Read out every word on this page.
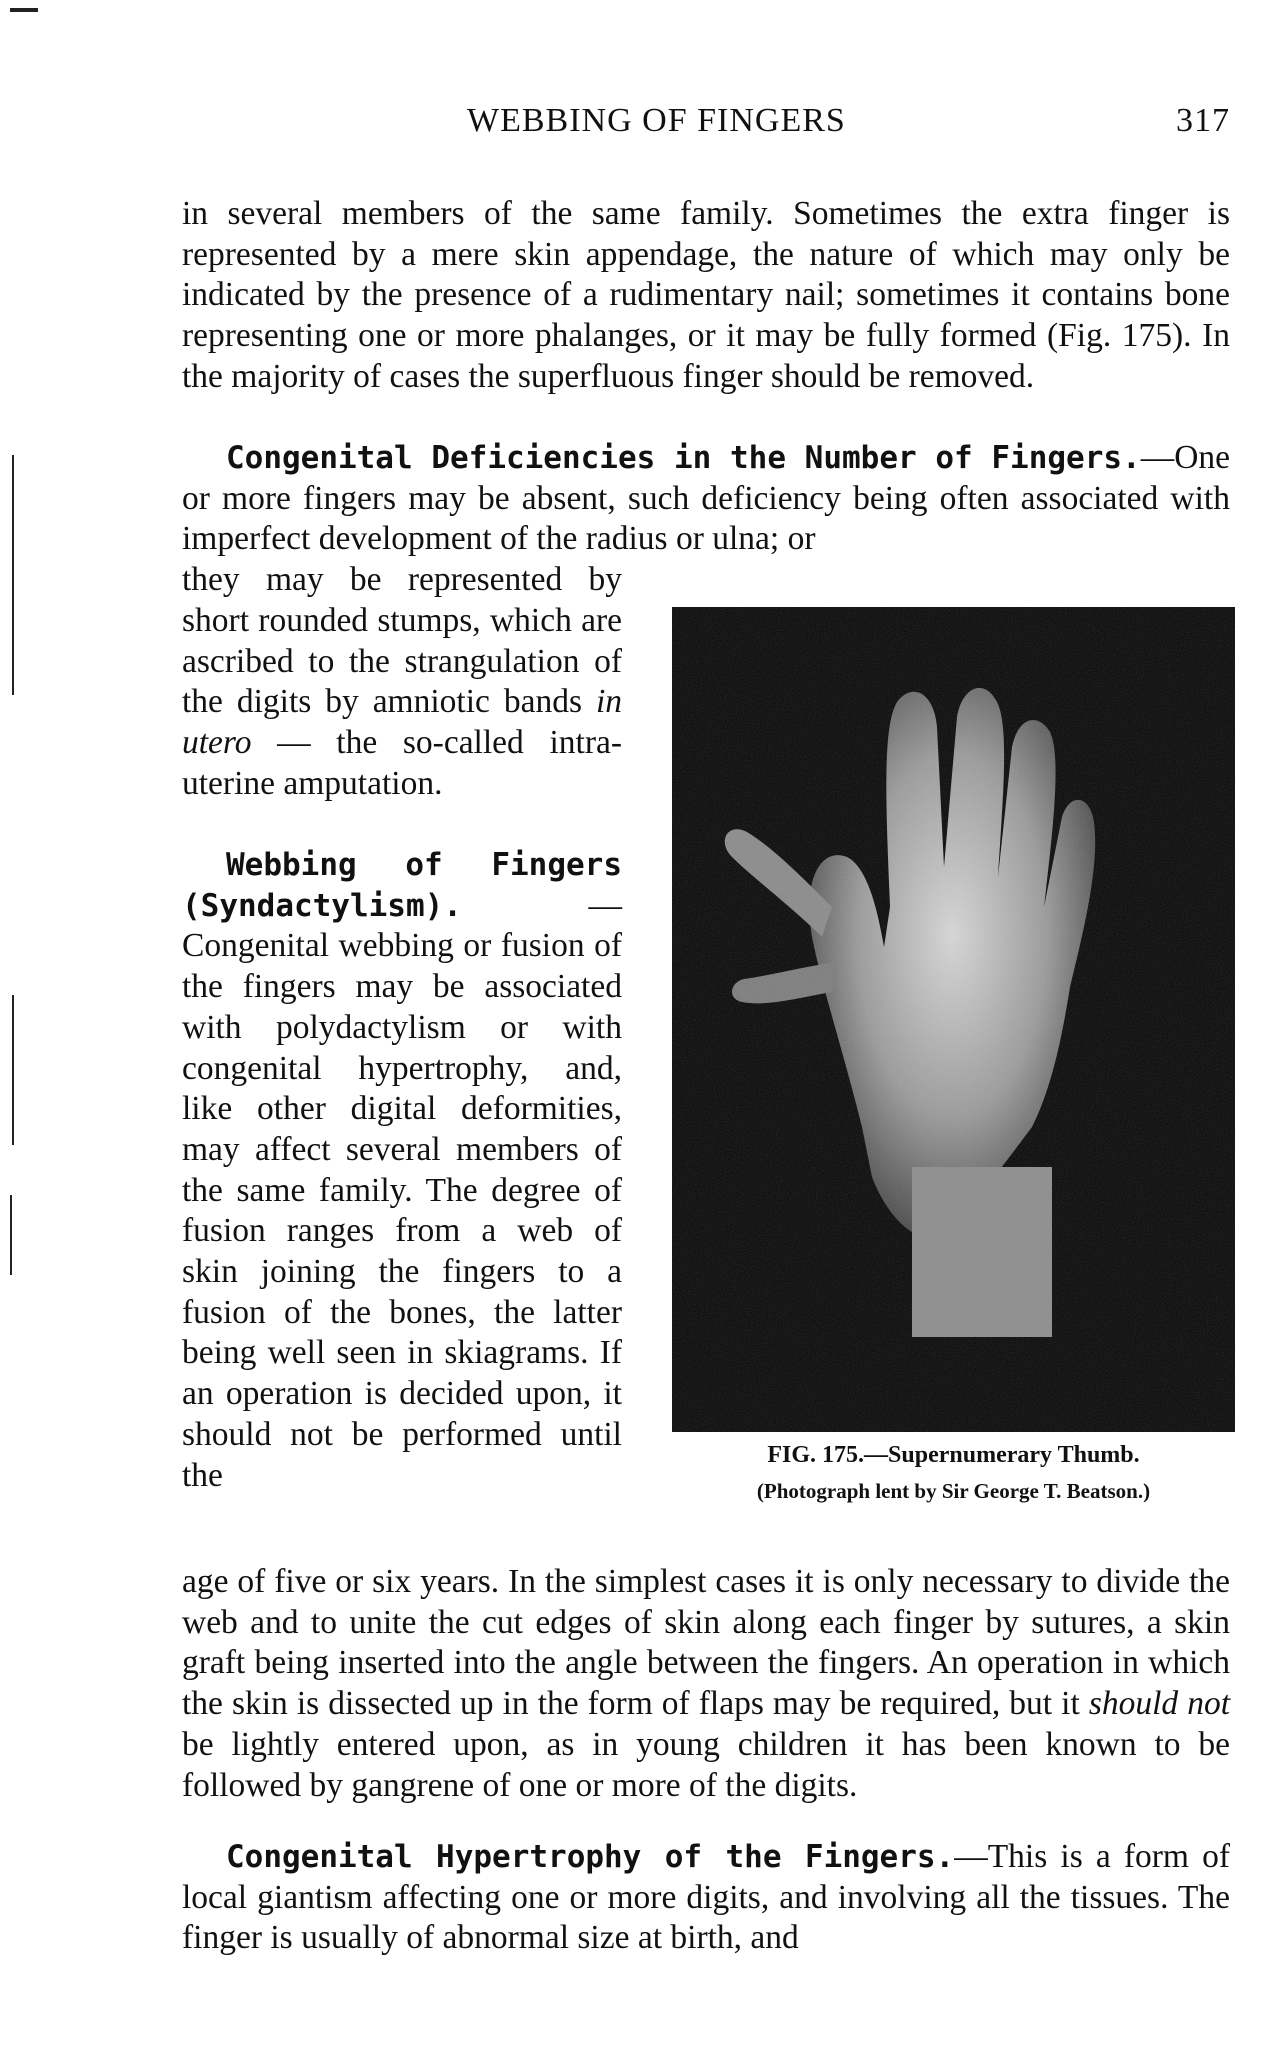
WEBBING OF FINGERS	317
in several members of the same family. Sometimes the extra finger is represented by a mere skin appendage, the nature of which may only be indicated by the presence of a rudimentary nail; sometimes it contains bone representing one or more phalanges, or it may be fully formed (Fig. 175). In the majority of cases the superfluous finger should be removed.
Congenital Deficiencies in the Number of Fingers.—One or more fingers may be absent, such deficiency being often associated with imperfect development of the radius or ulna; or
they may be represented by short rounded stumps, which are ascribed to the strangulation of the digits by amniotic bands in utero — the so-called intra-uterine amputation.
Webbing of Fingers (Syndactylism).	— Congenital webbing or fusion of the fingers may be associated with polydactylism or with congenital hypertrophy, and, like other digital deformities, may affect several members of the same family. The degree of fusion ranges from a web of skin joining the fingers to a fusion of the bones, the latter being well seen in skiagrams. If an operation is decided upon, it should not be performed until the
age of five or six years. In the simplest cases it is only necessary to divide the web and to unite the cut edges of skin along each finger by sutures, a skin graft being inserted into the angle between the fingers. An operation in which the skin is dissected up in the form of flaps may be required, but it should not be lightly entered upon, as in young children it has been known to be followed by gangrene of one or more of the digits.
Congenital Hypertrophy of the Fingers.—This is a form of local giantism affecting one or more digits, and involving all the tissues. The finger is usually of abnormal size at birth, and
FIG. 175.—Supernumerary Thumb.
(Photograph lent by Sir George T. Beatson.)
